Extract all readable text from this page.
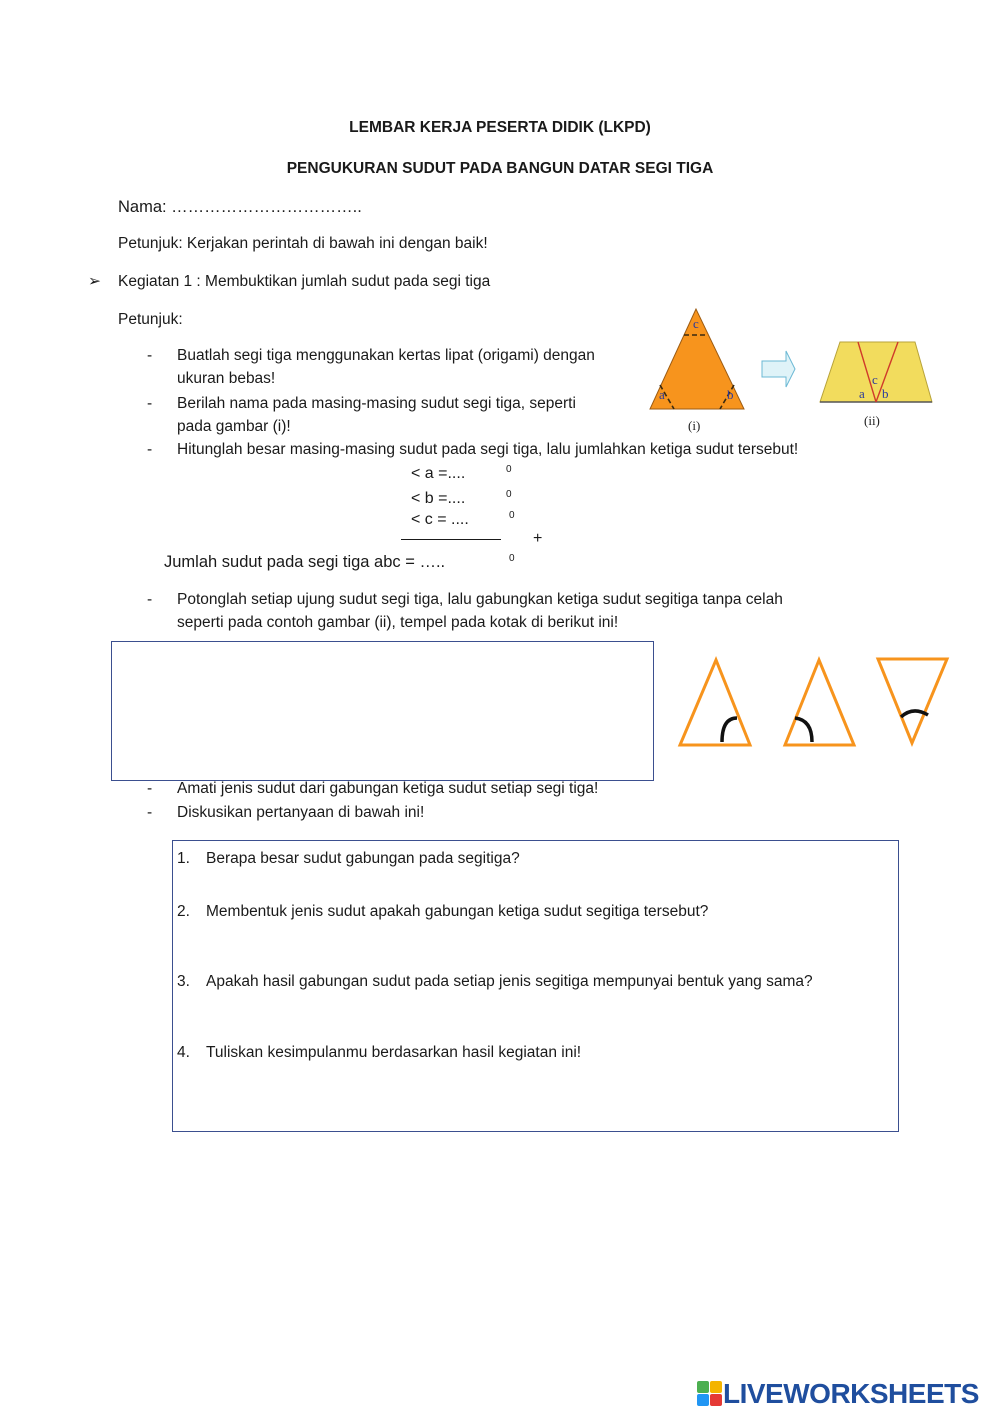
LEMBAR KERJA PESERTA DIDIK (LKPD)
PENGUKURAN SUDUT PADA BANGUN DATAR SEGI TIGA
Nama: ……………………………..
Petunjuk: Kerjakan perintah di bawah ini dengan baik!
➢ Kegiatan 1 : Membuktikan jumlah sudut pada segi tiga
Petunjuk:
- Buatlah segi tiga menggunakan kertas lipat (origami) dengan
ukuran bebas!
- Berilah nama pada masing-masing sudut segi tiga, seperti
pada gambar (i)!
- Hitunglah besar masing-masing sudut pada segi tiga, lalu jumlahkan ketiga sudut tersebut!
< a =....	0
< b =....	0
< c = ....	0
+
Jumlah sudut pada segi tiga abc = …..	0
- Potonglah setiap ujung sudut segi tiga, lalu gabungkan ketiga sudut segitiga tanpa celah
seperti pada contoh gambar (ii), tempel pada kotak di berikut ini!
- Amati jenis sudut dari gabungan ketiga sudut setiap segi tiga!
- Diskusikan pertanyaan di bawah ini!
c
a	b
(i)
c
a b
(ii)
1. Berapa besar sudut gabungan pada segitiga?
2. Membentuk jenis sudut apakah gabungan ketiga sudut segitiga tersebut?
3. Apakah hasil gabungan sudut pada setiap jenis segitiga mempunyai bentuk yang sama?
4. Tuliskan kesimpulanmu berdasarkan hasil kegiatan ini!
LIVEWORKSHEETS
